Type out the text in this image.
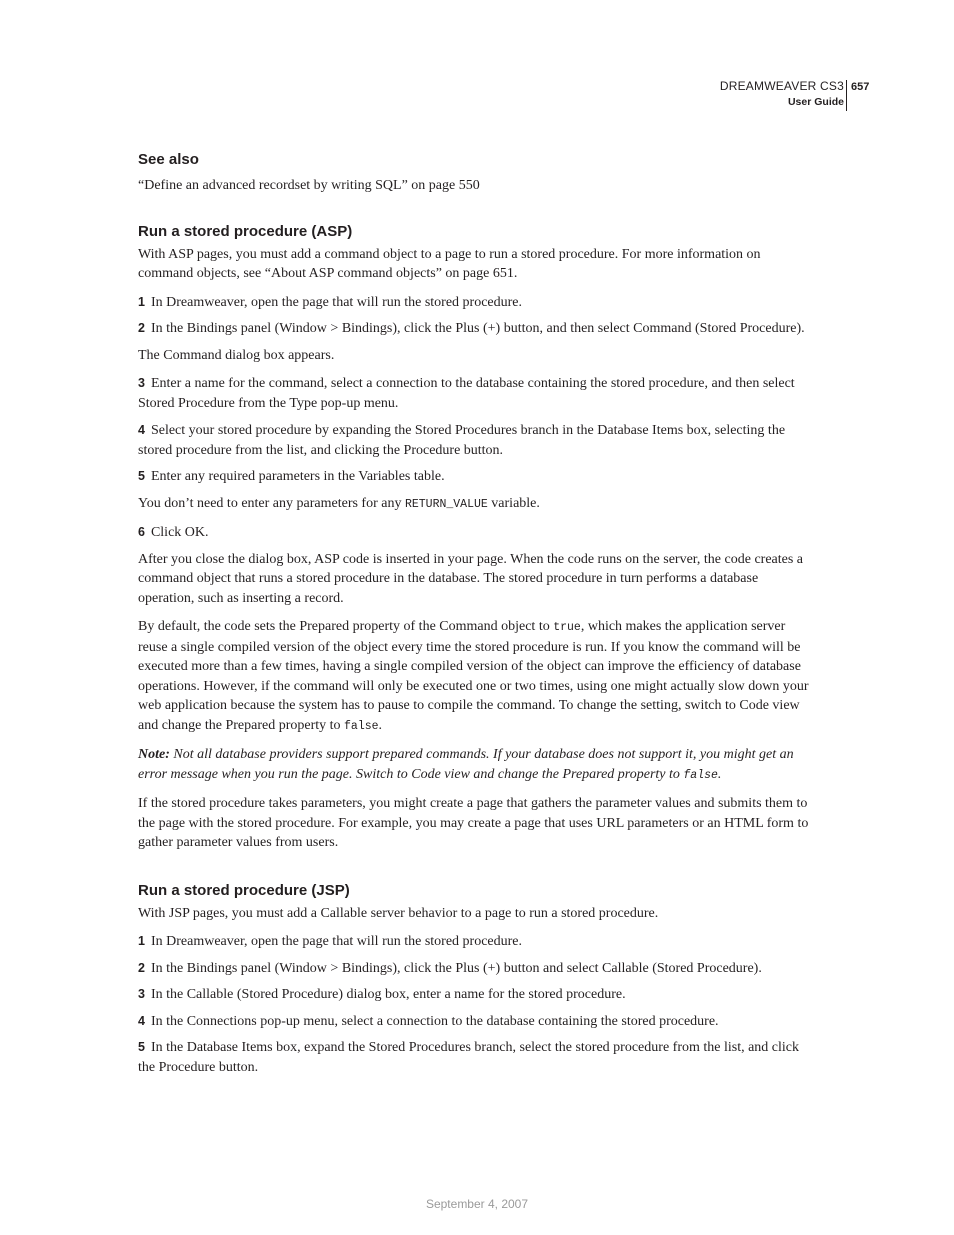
DREAMWEAVER CS3
User Guide
657
See also

“Define an advanced recordset by writing SQL” on page 550

Run a stored procedure (ASP)

With ASP pages, you must add a command object to a page to run a stored procedure. For more information on command objects, see “About ASP command objects” on page 651.

1 In Dreamweaver, open the page that will run the stored procedure.

2 In the Bindings panel (Window > Bindings), click the Plus (+) button, and then select Command (Stored Procedure).

The Command dialog box appears.

3 Enter a name for the command, select a connection to the database containing the stored procedure, and then select Stored Procedure from the Type pop-up menu.

4 Select your stored procedure by expanding the Stored Procedures branch in the Database Items box, selecting the stored procedure from the list, and clicking the Procedure button.

5 Enter any required parameters in the Variables table.

You don’t need to enter any parameters for any RETURN_VALUE variable.

6 Click OK.

After you close the dialog box, ASP code is inserted in your page. When the code runs on the server, the code creates a command object that runs a stored procedure in the database. The stored procedure in turn performs a database operation, such as inserting a record.

By default, the code sets the Prepared property of the Command object to true, which makes the application server reuse a single compiled version of the object every time the stored procedure is run. If you know the command will be executed more than a few times, having a single compiled version of the object can improve the efficiency of database operations. However, if the command will only be executed one or two times, using one might actually slow down your web application because the system has to pause to compile the command. To change the setting, switch to Code view and change the Prepared property to false.

Note: Not all database providers support prepared commands. If your database does not support it, you might get an error message when you run the page. Switch to Code view and change the Prepared property to false.

If the stored procedure takes parameters, you might create a page that gathers the parameter values and submits them to the page with the stored procedure. For example, you may create a page that uses URL parameters or an HTML form to gather parameter values from users.

Run a stored procedure (JSP)

With JSP pages, you must add a Callable server behavior to a page to run a stored procedure.

1 In Dreamweaver, open the page that will run the stored procedure.

2 In the Bindings panel (Window > Bindings), click the Plus (+) button and select Callable (Stored Procedure).

3 In the Callable (Stored Procedure) dialog box, enter a name for the stored procedure.

4 In the Connections pop-up menu, select a connection to the database containing the stored procedure.

5 In the Database Items box, expand the Stored Procedures branch, select the stored procedure from the list, and click the Procedure button.

September 4, 2007
